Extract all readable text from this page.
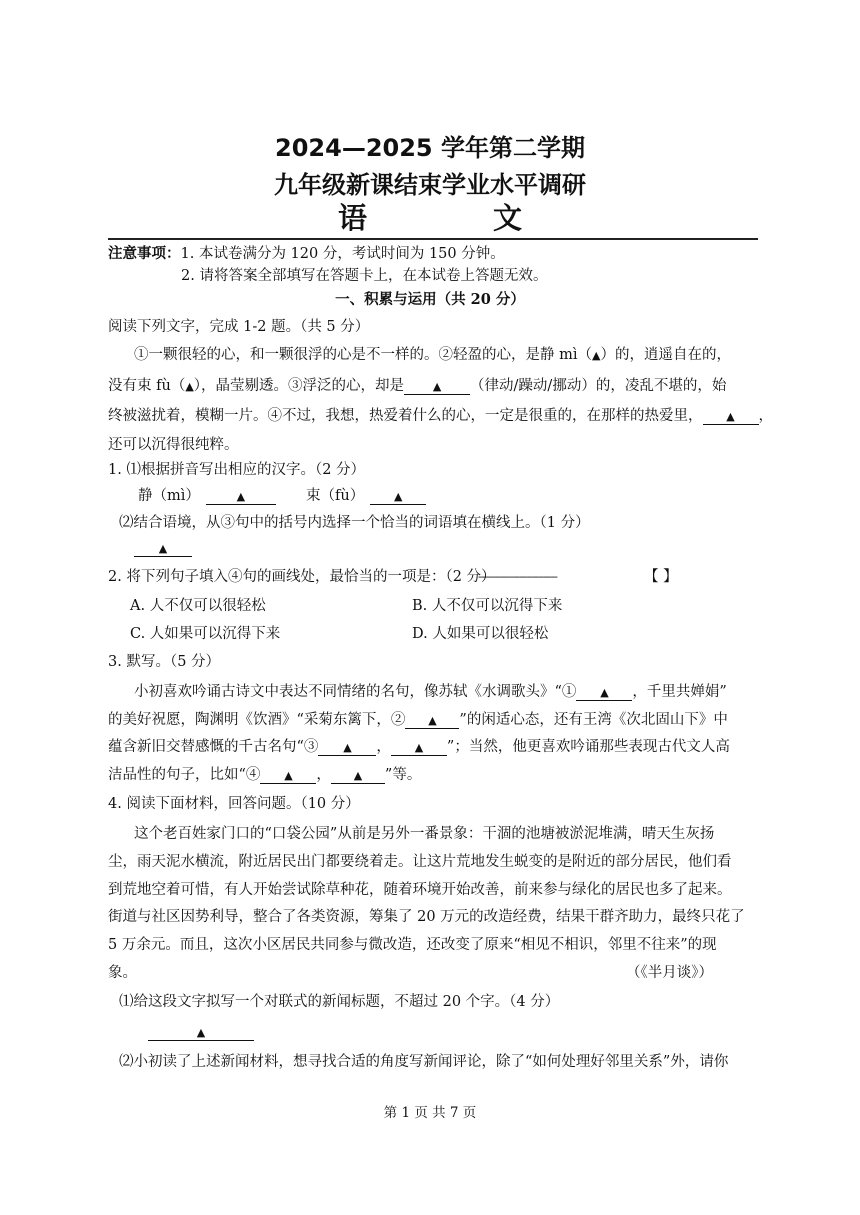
2024—2025 学年第二学期
九年级新课结束学业水平调研
语 文
注意事项：1. 本试卷满分为 120 分，考试时间为 150 分钟。
2. 请将答案全部填写在答题卡上，在本试卷上答题无效。
一、积累与运用（共 20 分）
阅读下列文字，完成 1-2 题。（共 5 分）
①一颗很轻的心，和一颗很浮的心是不一样的。②轻盈的心，是静 mì（▲）的，逍遥自在的，
没有束 fù（▲），晶莹剔透。③浮泛的心，却是	▲ （律动/躁动/挪动）的，凌乱不堪的，始
终被滋扰着，模糊一片。④不过，我想，热爱着什么的心，一定是很重的，在那样的热爱里， ▲ ，
还可以沉得很纯粹。
1. ⑴根据拼音写出相应的汉字。（2 分）
静（mì）	▲	束（fù）	▲
⑵结合语境，从③句中的括号内选择一个恰当的词语填在横线上。（1 分）
▲
2. 将下列句子填入④句的画线处，最恰当的一项是：（2 分）
-----------------------------	【 】
A. 人不仅可以很轻松	B. 人不仅可以沉得下来
C. 人如果可以沉得下来	D. 人如果可以很轻松
3. 默写。（5 分）
小初喜欢吟诵古诗文中表达不同情绪的名句，像苏轼《水调歌头》“① ▲ ，千里共婵娟”
的美好祝愿，陶渊明《饮酒》“采菊东篱下，② ▲ ”的闲适心态，还有王湾《次北固山下》中
蕴含新旧交替感慨的千古名句“③ ▲ ， ▲ ”；当然，他更喜欢吟诵那些表现古代文人高
洁品性的句子，比如“④ ▲ ， ▲ ”等。
4. 阅读下面材料，回答问题。（10 分）
这个老百姓家门口的“口袋公园”从前是另外一番景象：干涸的池塘被淤泥堆满，晴天生灰扬
尘，雨天泥水横流，附近居民出门都要绕着走。让这片荒地发生蜕变的是附近的部分居民，他们看
到荒地空着可惜，有人开始尝试除草种花，随着环境开始改善，前来参与绿化的居民也多了起来。
街道与社区因势利导，整合了各类资源，筹集了 20 万元的改造经费，结果干群齐助力，最终只花了
5 万余元。而且，这次小区居民共同参与微改造，还改变了原来“相见不相识，邻里不往来”的现
象。	（《半月谈》）
⑴给这段文字拟写一个对联式的新闻标题，不超过 20 个字。（4 分）
▲
⑵小初读了上述新闻材料，想寻找合适的角度写新闻评论，除了“如何处理好邻里关系”外，请你
第 1 页 共 7 页
